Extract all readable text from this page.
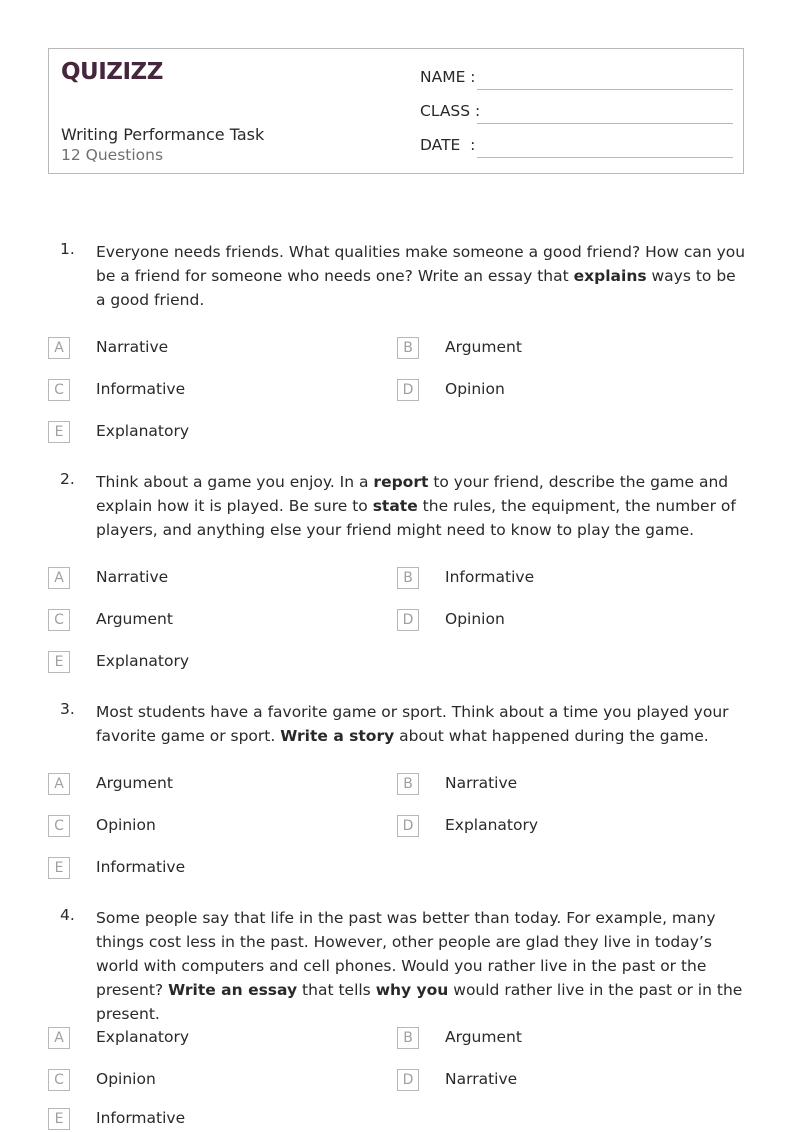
QUIZIZZ
Writing Performance Task
12 Questions
NAME :
CLASS :
DATE  :
1. Everyone needs friends. What qualities make someone a good friend? How can you be a friend for someone who needs one? Write an essay that explains ways to be a good friend.
A	Narrative	B	Argument
C	Informative	D	Opinion
E	Explanatory
2. Think about a game you enjoy. In a report to your friend, describe the game and explain how it is played. Be sure to state the rules, the equipment, the number of players, and anything else your friend might need to know to play the game.
A	Narrative	B	Informative
C	Argument	D	Opinion
E	Explanatory
3. Most students have a favorite game or sport. Think about a time you played your favorite game or sport. Write a story about what happened during the game.
A	Argument	B	Narrative
C	Opinion	D	Explanatory
E	Informative
4. Some people say that life in the past was better than today. For example, many things cost less in the past. However, other people are glad they live in today’s world with computers and cell phones. Would you rather live in the past or the present? Write an essay that tells why you would rather live in the past or in the present.
A	Explanatory	B	Argument
C	Opinion	D	Narrative
E	Informative
